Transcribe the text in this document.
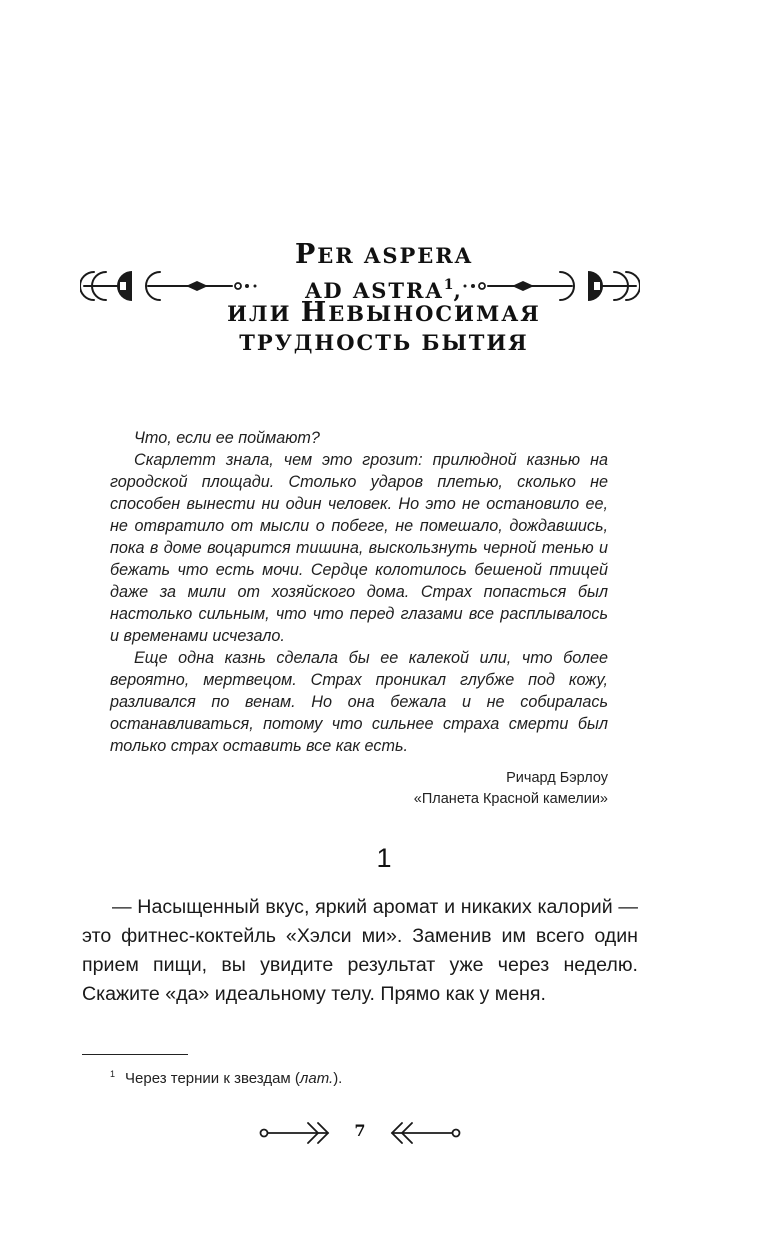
PER ASPERA
AD ASTRA$^1$,
ИЛИ НЕВЫНОСИМАЯ
ТРУДНОСТЬ БЫТИЯ

Что, если ее поймают?

Скарлетт знала, чем это грозит: прилюдной казнью на городской площади. Столько ударов плетью, сколько не способен вынести ни один человек. Но это не остановило ее, не отвратило от мысли о побеге, не помешало, дождавшись, пока в доме воцарится тишина, выскользнуть черной тенью и бежать что есть мочи. Сердце колотилось бешеной птицей даже за мили от хозяйского дома. Страх попасться был настолько сильным, что что перед глазами все расплывалось и временами исчезало.

Еще одна казнь сделала бы ее калекой или, что более вероятно, мертвецом. Страх проникал глубже под кожу, разливался по венам. Но она бежала и не собиралась останавливаться, потому что сильнее страха смерти был только страх оставить все как есть.

Ричард Бэрлоу
«Планета Красной камелии»
1

— Насыщенный вкус, яркий аромат и никаких калорий — это фитнес-коктейль «Хэлси ми». Заменив им всего один прием пищи, вы увидите результат уже через неделю. Скажите «да» идеальному телу. Прямо как у меня.

$^1$ Через тернии к звездам (лат.).
7
